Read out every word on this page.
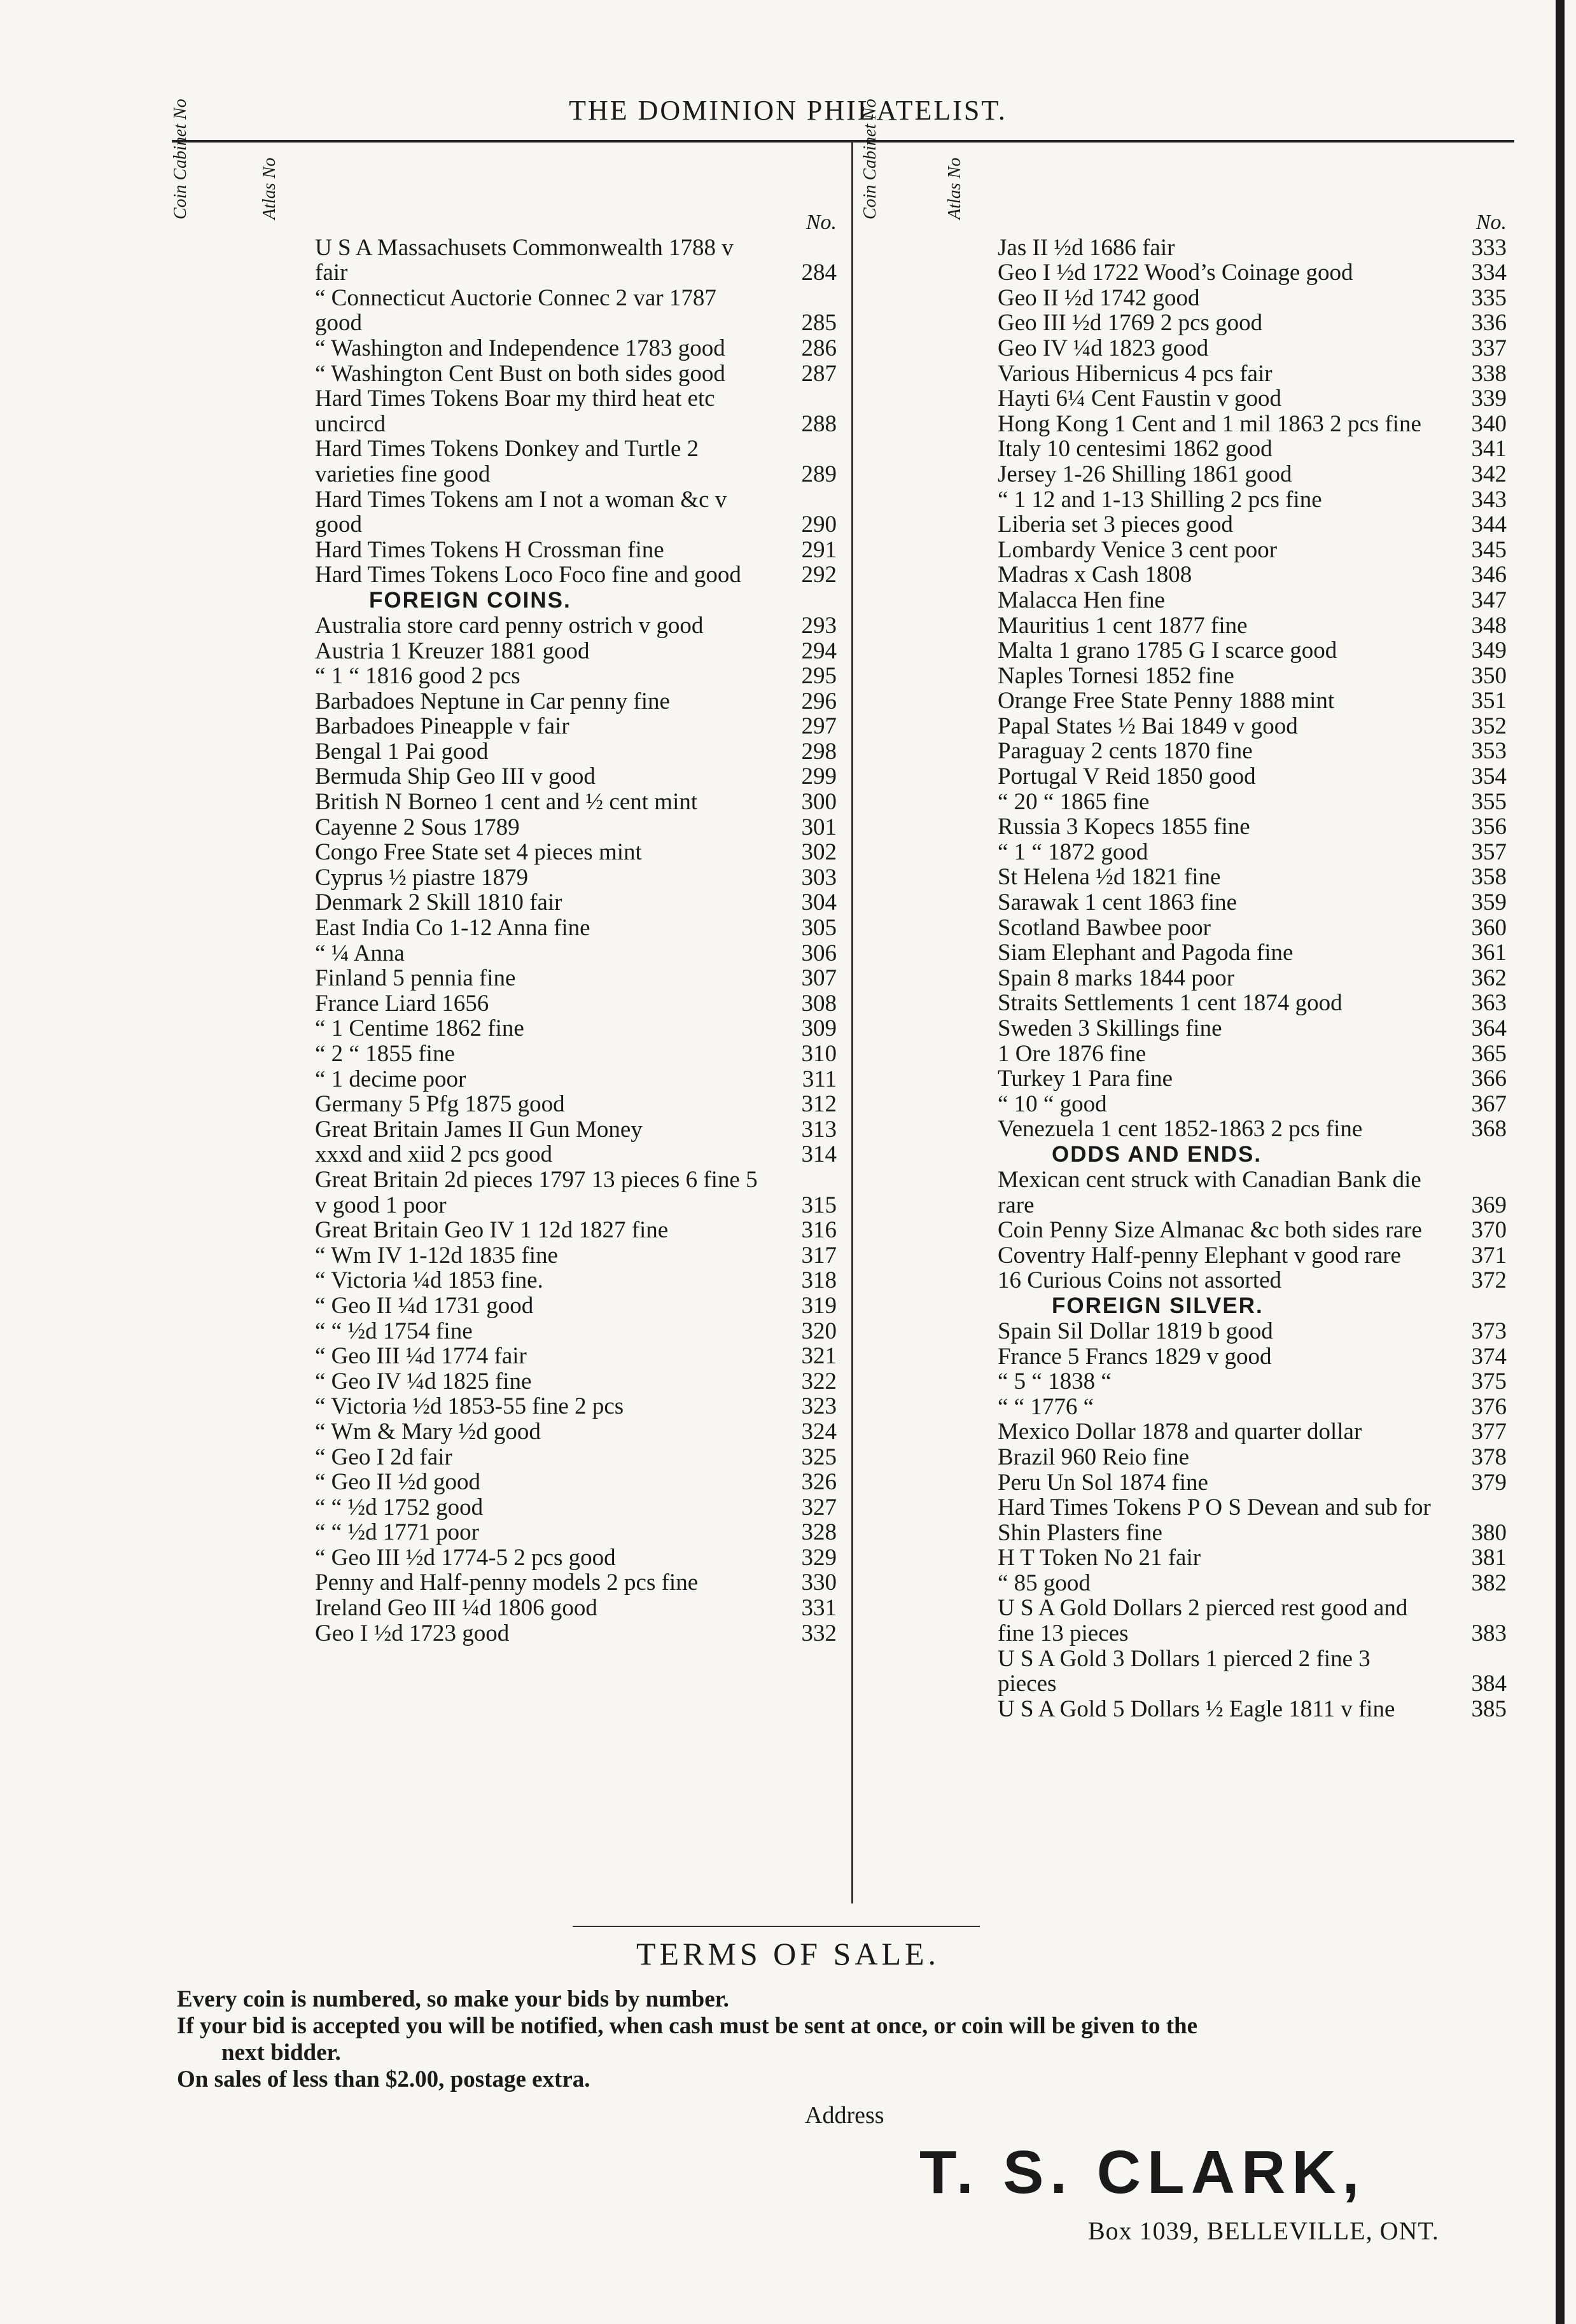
THE DOMINION PHILATELIST.
Coin Cabinet No	Atlas No	Coin Cabinet No	Atlas No
No.
U S A Massachusets Commonwealth 1788 v fair	284
“ Connecticut Auctorie Connec 2 var 1787 good	285
“ Washington and Independence 1783 good	286
“ Washington Cent Bust on both sides good	287
Hard Times Tokens Boar my third heat etc uncircd	288
Hard Times Tokens Donkey and Turtle 2 varieties fine good	289
Hard Times Tokens am I not a woman &c v good	290
Hard Times Tokens H Crossman fine	291
Hard Times Tokens Loco Foco fine and good	292
FOREIGN COINS.
Australia store card penny ostrich v good	293
Austria 1 Kreuzer 1881 good	294
“ 1 “ 1816 good 2 pcs	295
Barbadoes Neptune in Car penny fine	296
Barbadoes Pineapple v fair	297
Bengal 1 Pai good	298
Bermuda Ship Geo III v good	299
British N Borneo 1 cent and ½ cent mint	300
Cayenne 2 Sous 1789	301
Congo Free State set 4 pieces mint	302
Cyprus ½ piastre 1879	303
Denmark 2 Skill 1810 fair	304
East India Co 1-12 Anna fine	305
“ ¼ Anna	306
Finland 5 pennia fine	307
France Liard 1656	308
“ 1 Centime 1862 fine	309
“ 2 “ 1855 fine	310
“ 1 decime poor	311
Germany 5 Pfg 1875 good	312
Great Britain James II Gun Money	313
xxxd and xiid 2 pcs good	314
Great Britain 2d pieces 1797 13 pieces 6 fine 5 v good 1 poor	315
Great Britain Geo IV 1 12d 1827 fine	316
“ Wm IV 1-12d 1835 fine	317
“ Victoria ¼d 1853 fine.	318
“ Geo II ¼d 1731 good	319
“ “ ½d 1754 fine	320
“ Geo III ¼d 1774 fair	321
“ Geo IV ¼d 1825 fine	322
“ Victoria ½d 1853-55 fine 2 pcs	323
“ Wm & Mary ½d good	324
“ Geo I 2d fair	325
“ Geo II ½d good	326
“ “ ½d 1752 good	327
“ “ ½d 1771 poor	328
“ Geo III ½d 1774-5 2 pcs good	329
Penny and Half-penny models 2 pcs fine	330
Ireland Geo III ¼d 1806 good	331
Geo I ½d 1723 good	332
No.
Jas II ½d 1686 fair	333
Geo I ½d 1722 Wood’s Coinage good	334
Geo II ½d 1742 good	335
Geo III ½d 1769 2 pcs good	336
Geo IV ¼d 1823 good	337
Various Hibernicus 4 pcs fair	338
Hayti 6¼ Cent Faustin v good	339
Hong Kong 1 Cent and 1 mil 1863 2 pcs fine	340
Italy 10 centesimi 1862 good	341
Jersey 1-26 Shilling 1861 good	342
“ 1 12 and 1-13 Shilling 2 pcs fine	343
Liberia set 3 pieces good	344
Lombardy Venice 3 cent poor	345
Madras x Cash 1808	346
Malacca Hen fine	347
Mauritius 1 cent 1877 fine	348
Malta 1 grano 1785 G I scarce good	349
Naples Tornesi 1852 fine	350
Orange Free State Penny 1888 mint	351
Papal States ½ Bai 1849 v good	352
Paraguay 2 cents 1870 fine	353
Portugal V Reid 1850 good	354
“ 20 “ 1865 fine	355
Russia 3 Kopecs 1855 fine	356
“ 1 “ 1872 good	357
St Helena ½d 1821 fine	358
Sarawak 1 cent 1863 fine	359
Scotland Bawbee poor	360
Siam Elephant and Pagoda fine	361
Spain 8 marks 1844 poor	362
Straits Settlements 1 cent 1874 good	363
Sweden 3 Skillings fine	364
1 Ore 1876 fine	365
Turkey 1 Para fine	366
“ 10 “ good	367
Venezuela 1 cent 1852-1863 2 pcs fine	368
ODDS AND ENDS.
Mexican cent struck with Canadian Bank die rare	369
Coin Penny Size Almanac &c both sides rare	370
Coventry Half-penny Elephant v good rare	371
16 Curious Coins not assorted	372
FOREIGN SILVER.
Spain Sil Dollar 1819 b good	373
France 5 Francs 1829 v good	374
“ 5 “ 1838 “	375
“ “ 1776 “	376
Mexico Dollar 1878 and quarter dollar	377
Brazil 960 Reio fine	378
Peru Un Sol 1874 fine	379
Hard Times Tokens P O S Devean and sub for Shin Plasters fine	380
H T Token No 21 fair	381
“ 85 good	382
U S A Gold Dollars 2 pierced rest good and fine 13 pieces	383
U S A Gold 3 Dollars 1 pierced 2 fine 3 pieces	384
U S A Gold 5 Dollars ½ Eagle 1811 v fine	385
TERMS OF SALE.
Every coin is numbered, so make your bids by number.
If your bid is accepted you will be notified, when cash must be sent at once, or coin will be given to the
next bidder.
On sales of less than $2.00, postage extra.
Address
T. S. CLARK,
Box 1039, BELLEVILLE, ONT.
